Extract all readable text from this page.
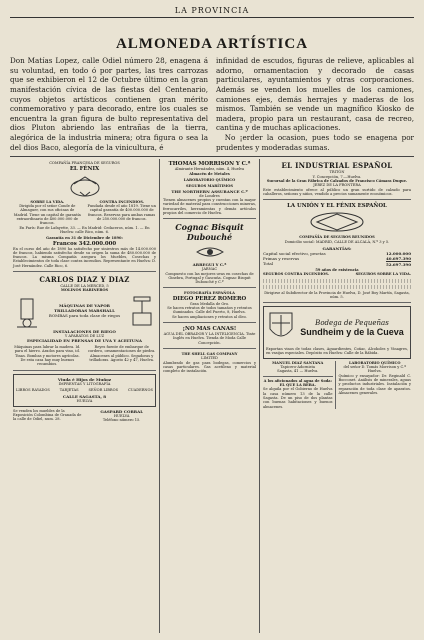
LA PROVINCIA
ALMONEDA ARTÍSTICA

Don Matías Lopez, calle Odiel número 28, enagena á su voluntad, en todo ó por partes, las tres carrozas que se exhibieron el 12 de Octubre último en la gran manifestación cívica de las fiestas del Centenario, cuyos objetos artísticos contienen gran mérito conmemorativo y para decorado, entre los cuales se encuentra la gran figura de bulto representativa del dios Pluton abriendo las entrañas de la tierra, alegórica de la industria minera; otra figura o sea la del dios Baco, alegoría de la vinicultura, é

infinidad de escudos, figuras de relieve, aplicables al adorno, ornamentacion y decorado de casas particulares, ayuntamientos y otras corporaciones. Además se venden los muelles de los camiones, camiones ejes, demás herrajes y maderas de los mismos. También se vende un magnífico Kiosko de madera, propio para un restaurant, casa de recreo, cantina y de muchas aplicaciones.
No ¡erder la ocasion, pues todo se enagena por prudentes y moderadas sumas.

COMPAÑÍA FRANCESA DE SEGUROS
EL FÉNIX
SOBRE LA VIDA.
Dirigida por el señor Conde de Almaguer, con sus oficinas de Madrid. Tiene un capital de garantía extraordinario de 400.000.000 de francos.
CONTRA INCENDIOS.
Fundada desde el año 1819. Tiene un capital garantía de 400.000.000 de francos. Reservas para ambas ramas de 250.000.000 de francos.
En París: Rue de Lafayette, 33. — En Madrid: Cedaceros, núm. 1. — En Huelva: calle Rico, núm. 6.
Garantía en 31 de Diciembre de 1890:
Francos 342.000.000
En el curso del año de 1890 ha satisfecho por siniestros más de 14.000.000 de francos, habiendo satisfecho desde su origen la suma de 480.000.000 de francos. La misma Compañía asegura los Muebles, Cosechas y Establecimientos de toda clase contra incendios. Representante en Huelva: D. José Hernández. Calle Rico, 6.
CARLOS DIAZ Y DIAZ
CALLE DE LA MERCED, 5
MOLINOS HARINEROS
MÁQUINAS DE VAPOR
TRILLADORAS MARSHALL
BOMBAS para toda clase de riegos
INSTALACIONES DE RIEGO
Y APARATOS DE LUZ
ESPECIALIDAD EN PRENSAS DE UVA Y ACEITUNA
Máquinas para labrar la madera. Id. para el hierro. Arados para vino, id. Tinas. Bombas y motores agrícolas. De esta casa hay muy buenos recambios.
Reyes fuente de embarque de cordero, ornamentaciones de piedra. Almacenes al público. Segadoras y trilladoras. Agosto 42 y 47, Huelva.
Viuda é Hijos de Muñoz
IMPRENTAS Y LITOGRAFÍA
LIBROS RAYADOS	TARJETAS	SEÑOR LIBROS	CUADERNOS
CALLE SAGASTA, 8
HUELVA
Se venden los muebles de la Exposición Colombina de Granada de la calle de Odiel, num. 28.
GASPARD CORRAL
HUELVA
Teléfono número 15.
THOMAS MORRISON Y C.ª
Almirante Hernández, núm. 4, Huelva
Almacén de Metales
LABORATORIO QUÍMICO
SEGUROS MARÍTIMOS
THE NORTHERN ASSURANCE C.º
de Londres
Tienen almacenes propios y cuentan con la mayor variedad de material para construcciones mineras, ferrocarriles, herramientas y demás artículos propios del comercio de Huelva.
Cognac Bisquit Dubouché
ARREGUI Y C.ª
JARNAC
Compuesto con las mejores uvas en cosechas de Ginebra, Portugal y Gascuña. Cognac Bisquit Dubouché y C.º
FOTOGRAFÍA ESPAÑOLA
DIEGO PEREZ ROMERO
Gran Medalla de Oro.
Se hacen retratos de todos tamaños y retratos iluminados. Calle del Puerto, 8, Huelva.
Se hacen ampliaciones y retratos al óleo.
¡NO MAS CANAS!
AGUA DEL OBRADOR Y LA INTELIGENCIA. Tinte Inglés en Huelva. Tienda de Moda Calle Concepción.
THE SHELL GAS COMPANY
LIMITED
Alumbrado de gas para bodegas, comercios y casas particulares. Gas acetileno y material completo de instalación.
EL INDUSTRIAL ESPAÑOL
TRITÓN
Y. Concepción, 7.—Huelva.
Sucursal de la Gran Fábrica de Calzados de Francisco Cámara Duque.
JEREZ DE LA FRONTERA
Este establecimiento ofrece al público un gran surtido de calzado para caballeros, señoras y niños, vendido a precios sumamente económicos.
LA UNIÓN Y EL FÉNIX ESPAÑOL
COMPAÑÍA DE SEGUROS REUNIDOS
Domicilio social: MADRID, CALLE DE ALCALÁ, N.º 3 y 5.
GARANTÍAS:
Capital social efectivo, pesetas	12.000.000
Primas y reservas	40.697.390
Total	52.697.390
59 años de existencia
SEGUROS CONTRA INCENDIOS.	SEGUROS SOBRE LA VIDA.
Dirigirse al Subdirector de la Provincia de Huelva, D. José Boy Martín, Sagasta, núm. 5.
Bodega de Pequeñas
Sundheim y de la Cueva
Exportan vinos de todas clases, Aguardientes, Coñac, Alcoholes y Vinagres, en vasijas especiales. Depósito en Huelva: Calle de la Rábida.
MANUEL DIAZ SANTANA
Tapicero-Adornista
Sagasta, 41 — Huelva.
A los aficionados al agua de Soda: EL QUE LA BEBA.
Se alquila por el Gobierno de Huelva la casa número 13 de la calle Sagasta. De un piso de dos plantas con buenas habitaciones y buenos almacenes.
LABORATORIO QUÍMICO
del señor D. Tomás Morrison y C.ª
Huelva.
Químico y ensayador: Dr. Reginald C. Bocconet. Análisis de minerales, aguas y productos industriales. Instalación y reparación de toda clase de aparatos. Almacenes generales.
